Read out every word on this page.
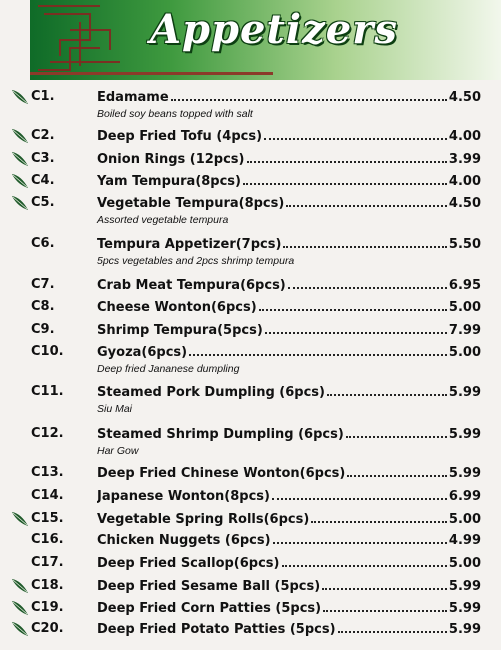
Appetizers
C1.	Edamame	4.50
Boiled soy beans topped with salt
C2.	Deep Fried Tofu (4pcs)	4.00
C3.	Onion Rings (12pcs)	3.99
C4.	Yam Tempura(8pcs)	4.00
C5.	Vegetable Tempura(8pcs)	4.50
Assorted vegetable tempura
C6.	Tempura Appetizer(7pcs)	5.50
5pcs vegetables and 2pcs shrimp tempura
C7.	Crab Meat Tempura(6pcs)	6.95
C8.	Cheese Wonton(6pcs)	5.00
C9.	Shrimp Tempura(5pcs)	7.99
C10.	Gyoza(6pcs)	5.00
Deep fried Jananese dumpling
C11.	Steamed Pork Dumpling (6pcs)	5.99
Siu Mai
C12.	Steamed Shrimp Dumpling (6pcs)	5.99
Har Gow
C13.	Deep Fried Chinese Wonton(6pcs)	5.99
C14.	Japanese Wonton(8pcs)	6.99
C15.	Vegetable Spring Rolls(6pcs)	5.00
C16.	Chicken Nuggets (6pcs)	4.99
C17.	Deep Fried Scallop(6pcs)	5.00
C18.	Deep Fried Sesame Ball (5pcs)	5.99
C19.	Deep Fried Corn Patties (5pcs)	5.99
C20.	Deep Fried Potato Patties (5pcs)	5.99
